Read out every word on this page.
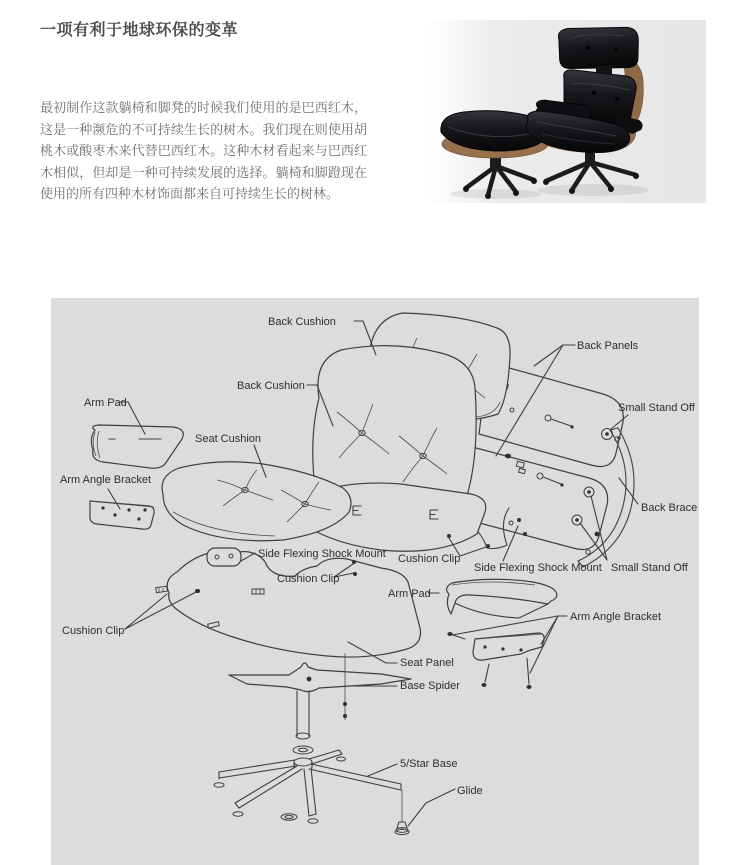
一项有利于地球环保的变革

最初制作这款躺椅和脚凳的时候我们使用的是巴西红木，这是一种濒危的不可持续生长的树木。我们现在则使用胡桃木或酸枣木来代替巴西红木。这种木材看起来与巴西红木相似，但却是一种可持续发展的选择。躺椅和脚蹬现在使用的所有四种木材饰面都来自可持续生长的树林。

Back Cushion
Back Panels
Back Cushion
Small Stand Off
Arm Pad
Seat Cushion
Arm Angle Bracket
Back Brace
Cushion Clip
Side Flexing Shock Mount Small Stand Off
Side Flexing Shock Mount
Cushion Clip
Arm Pad
Arm Angle Bracket
Cushion Clip
Seat Panel
Base Spider
5/Star Base
Glide
